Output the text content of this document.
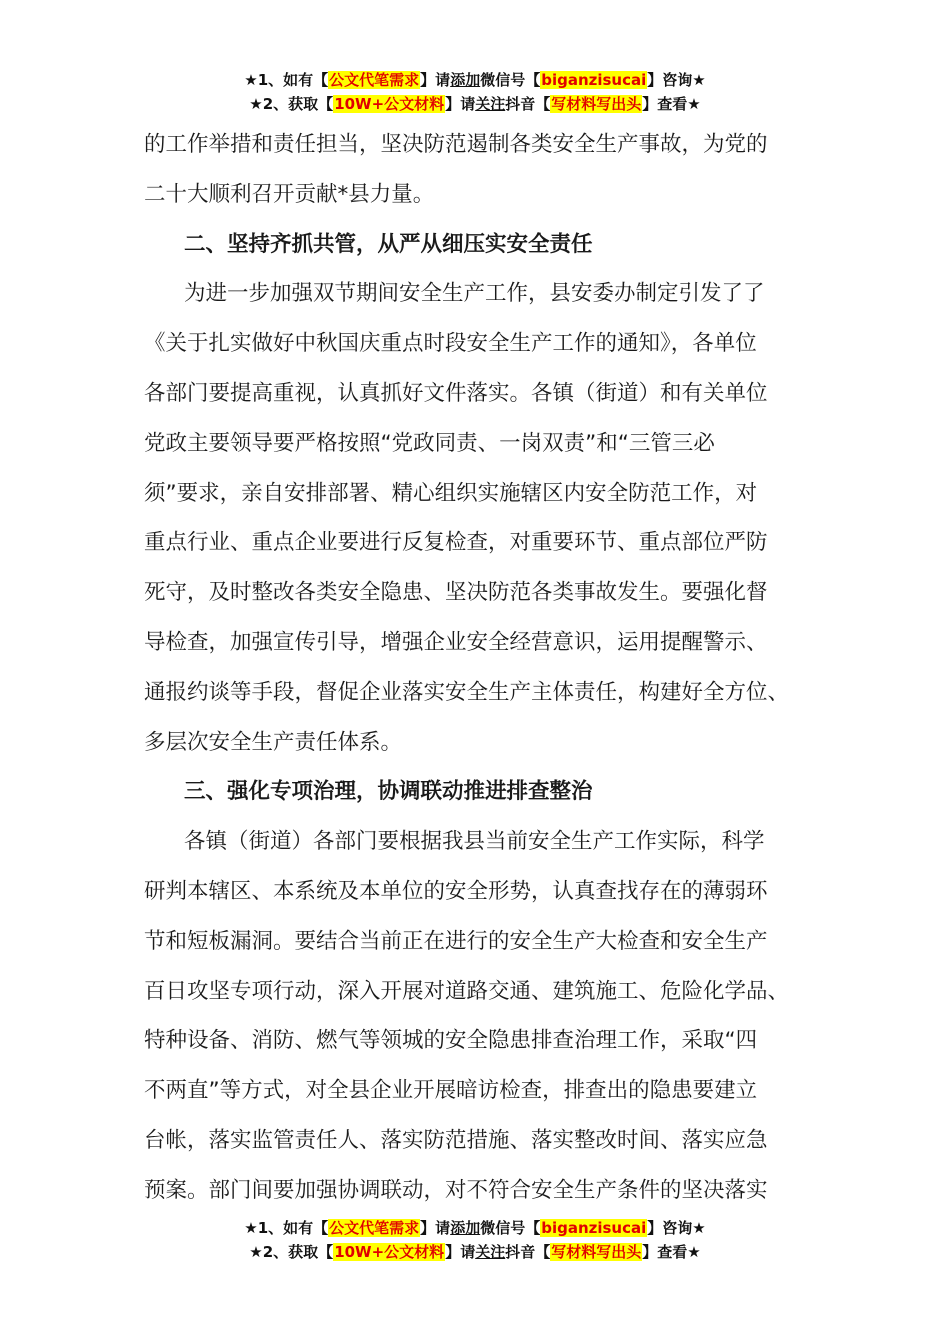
★1、如有【公文代笔需求】请添加微信号【biganzisucai】咨询★
★2、获取【10W+公文材料】请关注抖音【写材料写出头】查看★
的工作举措和责任担当，坚决防范遏制各类安全生产事故，为党的
二十大顺利召开贡献*县力量。
二、坚持齐抓共管，从严从细压实安全责任
为进一步加强双节期间安全生产工作，县安委办制定引发了了
《关于扎实做好中秋国庆重点时段安全生产工作的通知》，各单位
各部门要提高重视，认真抓好文件落实。各镇（街道）和有关单位
党政主要领导要严格按照“党政同责、一岗双责”和“三管三必
须”要求，亲自安排部署、精心组织实施辖区内安全防范工作，对
重点行业、重点企业要进行反复检查，对重要环节、重点部位严防
死守，及时整改各类安全隐患、坚决防范各类事故发生。要强化督
导检查，加强宣传引导，增强企业安全经营意识，运用提醒警示、
通报约谈等手段，督促企业落实安全生产主体责任，构建好全方位、
多层次安全生产责任体系。
三、强化专项治理，协调联动推进排查整治
各镇（街道）各部门要根据我县当前安全生产工作实际，科学
研判本辖区、本系统及本单位的安全形势，认真查找存在的薄弱环
节和短板漏洞。要结合当前正在进行的安全生产大检查和安全生产
百日攻坚专项行动，深入开展对道路交通、建筑施工、危险化学品、
特种设备、消防、燃气等领城的安全隐患排查治理工作，采取“四
不两直”等方式，对全县企业开展暗访检查，排查出的隐患要建立
台帐，落实监管责任人、落实防范措施、落实整改时间、落实应急
预案。部门间要加强协调联动，对不符合安全生产条件的坚决落实
★1、如有【公文代笔需求】请添加微信号【biganzisucai】咨询★
★2、获取【10W+公文材料】请关注抖音【写材料写出头】查看★
